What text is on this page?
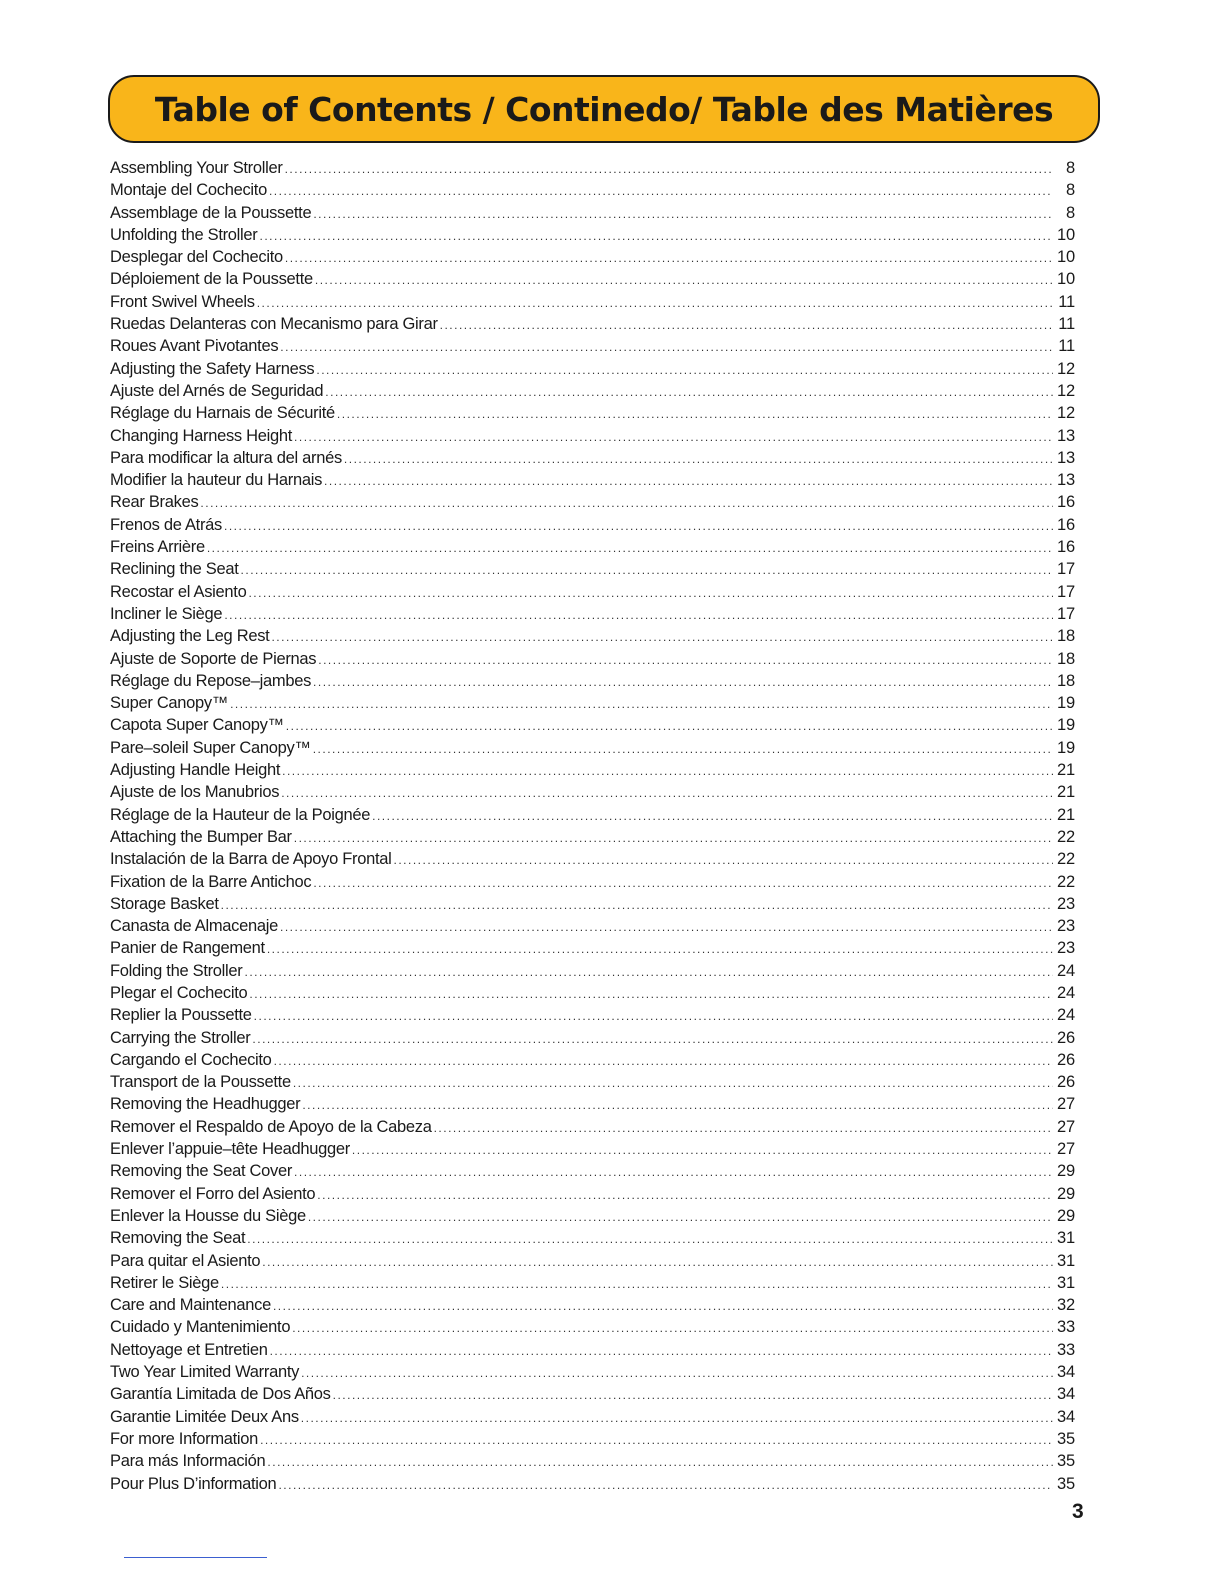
Table of Contents / Continedo/ Table des Matières
Assembling Your Stroller .....	8
Montaje del Cochecito .....	8
Assemblage de la Poussette .....	8
Unfolding the Stroller .....	10
Desplegar del Cochecito .....	10
Déploiement de la Poussette .....	10
Front Swivel Wheels .....	11
Ruedas Delanteras con Mecanismo para Girar .....	11
Roues Avant Pivotantes .....	11
Adjusting the Safety Harness .....	12
Ajuste del Arnés de Seguridad .....	12
Réglage du Harnais de Sécurité .....	12
Changing Harness Height .....	13
Para modificar la altura del arnés .....	13
Modifier la hauteur du Harnais .....	13
Rear Brakes .....	16
Frenos de Atrás .....	16
Freins Arrière .....	16
Reclining the Seat .....	17
Recostar el Asiento .....	17
Incliner le Siège .....	17
Adjusting the Leg Rest .....	18
Ajuste de Soporte de Piernas .....	18
Réglage du Repose–jambes .....	18
Super Canopy™ .....	19
Capota Super Canopy™ .....	19
Pare–soleil Super Canopy™ .....	19
Adjusting Handle Height .....	21
Ajuste de los Manubrios .....	21
Réglage de la Hauteur de la Poignée .....	21
Attaching the Bumper Bar .....	22
Instalación de la Barra de Apoyo Frontal .....	22
Fixation de la Barre Antichoc .....	22
Storage Basket .....	23
Canasta de Almacenaje .....	23
Panier de Rangement .....	23
Folding the Stroller .....	24
Plegar el Cochecito .....	24
Replier la Poussette .....	24
Carrying the Stroller .....	26
Cargando el Cochecito .....	26
Transport de la Poussette .....	26
Removing the Headhugger .....	27
Remover el Respaldo de Apoyo de la Cabeza .....	27
Enlever l’appuie–tête Headhugger .....	27
Removing the Seat Cover .....	29
Remover el Forro del Asiento .....	29
Enlever la Housse du Siège .....	29
Removing the Seat .....	31
Para quitar el Asiento .....	31
Retirer le Siège .....	31
Care and Maintenance .....	32
Cuidado y Mantenimiento .....	33
Nettoyage et Entretien .....	33
Two Year Limited Warranty .....	34
Garantía Limitada de Dos Años .....	34
Garantie Limitée Deux Ans .....	34
For more Information .....	35
Para más Información .....	35
Pour Plus D’information .....	35
3
